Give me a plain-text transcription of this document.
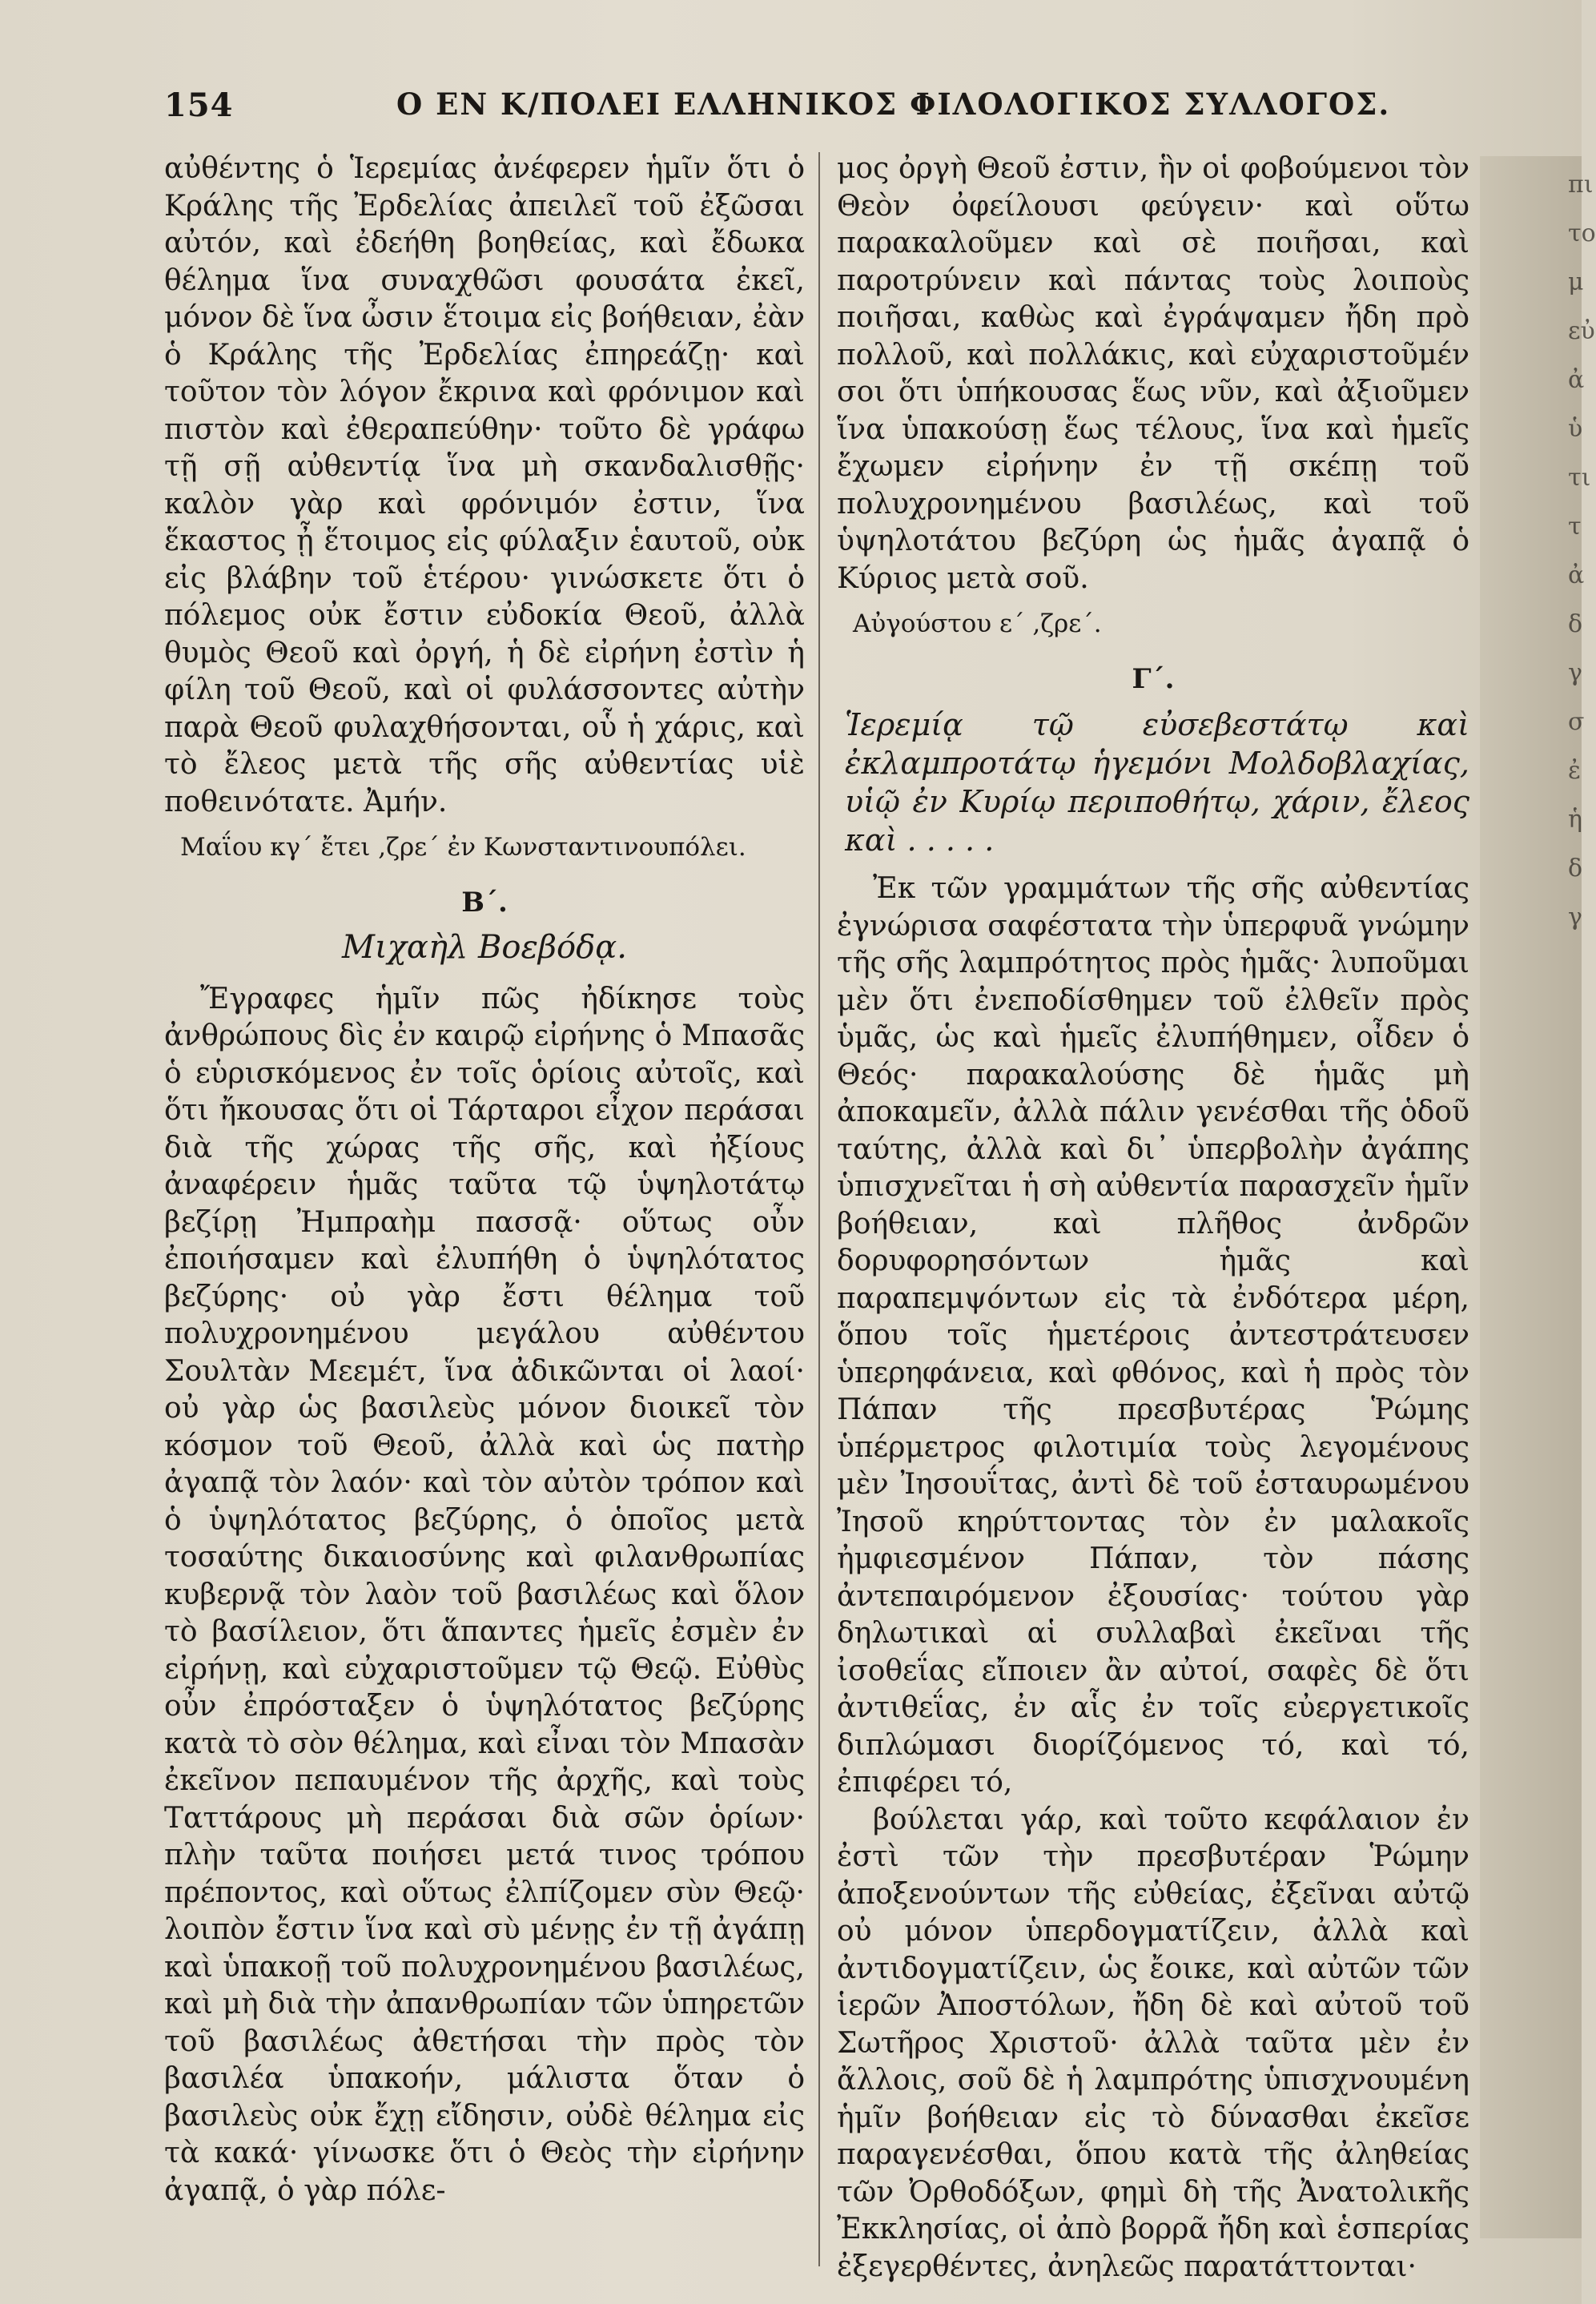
154	Ο ΕΝ Κ/ΠΟΛΕΙ ΕΛΛΗΝΙΚΟΣ ΦΙΛΟΛΟΓΙΚΟΣ ΣΥΛΛΟΓΟΣ.

αὐθέντης ὁ Ἱερεμίας ἀνέφερεν ἡμῖν ὅτι ὁ Κράλης τῆς Ἐρδελίας ἀπειλεῖ τοῦ ἐξῶσαι αὐτόν, καὶ ἐδεήθη βοηθείας, καὶ ἔδωκα θέλημα ἵνα συναχθῶσι φουσάτα ἐκεῖ, μόνον δὲ ἵνα ὦσιν ἕτοιμα εἰς βοήθειαν, ἐὰν ὁ Κράλης τῆς Ἐρδελίας ἐπηρεάζῃ· καὶ τοῦτον τὸν λόγον ἔκρινα καὶ φρόνιμον καὶ πιστὸν καὶ ἐθεραπεύθην· τοῦτο δὲ γράφω τῇ σῇ αὐθεντίᾳ ἵνα μὴ σκανδαλισθῇς· καλὸν γὰρ καὶ φρόνιμόν ἐστιν, ἵνα ἕκαστος ᾖ ἕτοιμος εἰς φύλαξιν ἑαυτοῦ, οὐκ εἰς βλάβην τοῦ ἑτέρου· γινώσκετε ὅτι ὁ πόλεμος οὐκ ἔστιν εὐδοκία Θεοῦ, ἀλλὰ θυμὸς Θεοῦ καὶ ὀργή, ἡ δὲ εἰρήνη ἐστὶν ἡ φίλη τοῦ Θεοῦ, καὶ οἱ φυλάσσοντες αὐτὴν παρὰ Θεοῦ φυλαχθήσονται, οὗ ἡ χάρις, καὶ τὸ ἔλεος μετὰ τῆς σῆς αὐθεντίας υἱὲ ποθεινότατε. Ἀμήν.

Μαΐου κγ΄ ἔτει ,ζρε΄ ἐν Κωνσταντινουπόλει.

Β΄.

Μιχαὴλ Βοεβόδᾳ.

Ἔγραφες ἡμῖν πῶς ἠδίκησε τοὺς ἀνθρώπους δὶς ἐν καιρῷ εἰρήνης ὁ Μπασᾶς ὁ εὑρισκόμενος ἐν τοῖς ὁρίοις αὐτοῖς, καὶ ὅτι ἤκουσας ὅτι οἱ Τάρταροι εἶχον περάσαι διὰ τῆς χώρας τῆς σῆς, καὶ ἠξίους ἀναφέρειν ἡμᾶς ταῦτα τῷ ὑψηλοτάτῳ βεζίρῃ Ἠμπραὴμ πασσᾷ· οὕτως οὖν ἐποιήσαμεν καὶ ἐλυπήθη ὁ ὑψηλότατος βεζύρης· οὐ γὰρ ἔστι θέλημα τοῦ πολυχρονημένου μεγάλου αὐθέντου Σουλτὰν Μεεμέτ, ἵνα ἀδικῶνται οἱ λαοί· οὐ γὰρ ὡς βασιλεὺς μόνον διοικεῖ τὸν κόσμον τοῦ Θεοῦ, ἀλλὰ καὶ ὡς πατὴρ ἀγαπᾷ τὸν λαόν· καὶ τὸν αὐτὸν τρόπον καὶ ὁ ὑψηλότατος βεζύρης, ὁ ὁποῖος μετὰ τοσαύτης δικαιοσύνης καὶ φιλανθρωπίας κυβερνᾷ τὸν λαὸν τοῦ βασιλέως καὶ ὅλον τὸ βασίλειον, ὅτι ἅπαντες ἡμεῖς ἐσμὲν ἐν εἰρήνῃ, καὶ εὐχαριστοῦμεν τῷ Θεῷ. Εὐθὺς οὖν ἐπρόσταξεν ὁ ὑψηλότατος βεζύρης κατὰ τὸ σὸν θέλημα, καὶ εἶναι τὸν Μπασὰν ἐκεῖνον πεπαυμένον τῆς ἀρχῆς, καὶ τοὺς Ταττάρους μὴ περάσαι διὰ σῶν ὁρίων· πλὴν ταῦτα ποιήσει μετά τινος τρόπου πρέποντος, καὶ οὕτως ἐλπίζομεν σὺν Θεῷ· λοιπὸν ἔστιν ἵνα καὶ σὺ μένῃς ἐν τῇ ἀγάπῃ καὶ ὑπακοῇ τοῦ πολυχρονημένου βασιλέως, καὶ μὴ διὰ τὴν ἀπανθρωπίαν τῶν ὑπηρετῶν τοῦ βασιλέως ἀθετήσαι τὴν πρὸς τὸν βασιλέα ὑπακοήν, μάλιστα ὅταν ὁ βασιλεὺς οὐκ ἔχῃ εἴδησιν, οὐδὲ θέλημα εἰς τὰ κακά· γίνωσκε ὅτι ὁ Θεὸς τὴν εἰρήνην ἀγαπᾷ, ὁ γὰρ πόλε-

μος ὀργὴ Θεοῦ ἐστιν, ἣν οἱ φοβούμενοι τὸν Θεὸν ὀφείλουσι φεύγειν· καὶ οὕτω παρακαλοῦμεν καὶ σὲ ποιῆσαι, καὶ παροτρύνειν καὶ πάντας τοὺς λοιποὺς ποιῆσαι, καθὼς καὶ ἐγράψαμεν ἤδη πρὸ πολλοῦ, καὶ πολλάκις, καὶ εὐχαριστοῦμέν σοι ὅτι ὑπήκουσας ἕως νῦν, καὶ ἀξιοῦμεν ἵνα ὑπακούσῃ ἕως τέλους, ἵνα καὶ ἡμεῖς ἔχωμεν εἰρήνην ἐν τῇ σκέπῃ τοῦ πολυχρονημένου βασιλέως, καὶ τοῦ ὑψηλοτάτου βεζύρη ὡς ἡμᾶς ἀγαπᾷ ὁ Κύριος μετὰ σοῦ.

Αὐγούστου ε΄ ,ζρε΄.

Γ΄.

Ἱερεμίᾳ τῷ εὐσεβεστάτῳ καὶ ἐκλαμπροτάτῳ ἡγεμόνι Μολδοβλαχίας, υἱῷ ἐν Κυρίῳ περιποθήτῳ, χάριν, ἔλεος καὶ . . . . .

Ἐκ τῶν γραμμάτων τῆς σῆς αὐθεντίας ἐγνώρισα σαφέστατα τὴν ὑπερφυᾶ γνώμην τῆς σῆς λαμπρότητος πρὸς ἡμᾶς· λυποῦμαι μὲν ὅτι ἐνεποδίσθημεν τοῦ ἐλθεῖν πρὸς ὑμᾶς, ὡς καὶ ἡμεῖς ἐλυπήθημεν, οἶδεν ὁ Θεός· παρακαλούσης δὲ ἡμᾶς μὴ ἀποκαμεῖν, ἀλλὰ πάλιν γενέσθαι τῆς ὁδοῦ ταύτης, ἀλλὰ καὶ δι᾿ ὑπερβολὴν ἀγάπης ὑπισχνεῖται ἡ σὴ αὐθεντία παρασχεῖν ἡμῖν βοήθειαν, καὶ πλῆθος ἀνδρῶν δορυφορησόντων ἡμᾶς καὶ παραπεμψόντων εἰς τὰ ἐνδότερα μέρη, ὅπου τοῖς ἡμετέροις ἀντεστράτευσεν ὑπερηφάνεια, καὶ φθόνος, καὶ ἡ πρὸς τὸν Πάπαν τῆς πρεσβυτέρας Ῥώμης ὑπέρμετρος φιλοτιμία τοὺς λεγομένους μὲν Ἰησουΐτας, ἀντὶ δὲ τοῦ ἐσταυρωμένου Ἰησοῦ κηρύττοντας τὸν ἐν μαλακοῖς ἠμφιεσμένον Πάπαν, τὸν πάσης ἀντεπαιρόμενον ἐξουσίας· τούτου γὰρ δηλωτικαὶ αἱ συλλαβαὶ ἐκεῖναι τῆς ἰσοθεΐας εἴποιεν ἂν αὐτοί, σαφὲς δὲ ὅτι ἀντιθεΐας, ἐν αἷς ἐν τοῖς εὐεργετικοῖς διπλώμασι διορίζόμενος τό, καὶ τό, ἐπιφέρει τό,

βούλεται γάρ, καὶ τοῦτο κεφάλαιον ἐν ἐστὶ τῶν τὴν πρεσβυτέραν Ῥώμην ἀποξενούντων τῆς εὐθείας, ἐξεῖναι αὐτῷ οὐ μόνον ὑπερδογματίζειν, ἀλλὰ καὶ ἀντιδογματίζειν, ὡς ἔοικε, καὶ αὐτῶν τῶν ἱερῶν Ἀποστόλων, ἤδη δὲ καὶ αὐτοῦ τοῦ Σωτῆρος Χριστοῦ· ἀλλὰ ταῦτα μὲν ἐν ἄλλοις, σοῦ δὲ ἡ λαμπρότης ὑπισχνουμένη ἡμῖν βοήθειαν εἰς τὸ δύνασθαι ἐκεῖσε παραγενέσθαι, ὅπου κατὰ τῆς ἀληθείας τῶν Ὀρθοδόξων, φημὶ δὴ τῆς Ἀνατολικῆς Ἐκκλησίας, οἱ ἀπὸ βορρᾶ ἤδη καὶ ἑσπερίας ἐξεγερθέντες, ἀνηλεῶς παρατάττονται·

πι
το
μ
εὐ
ἀ
ὑ
τι
τ
ἀ
δ
γ
σ
ἐ
ἡ
δ
γ
